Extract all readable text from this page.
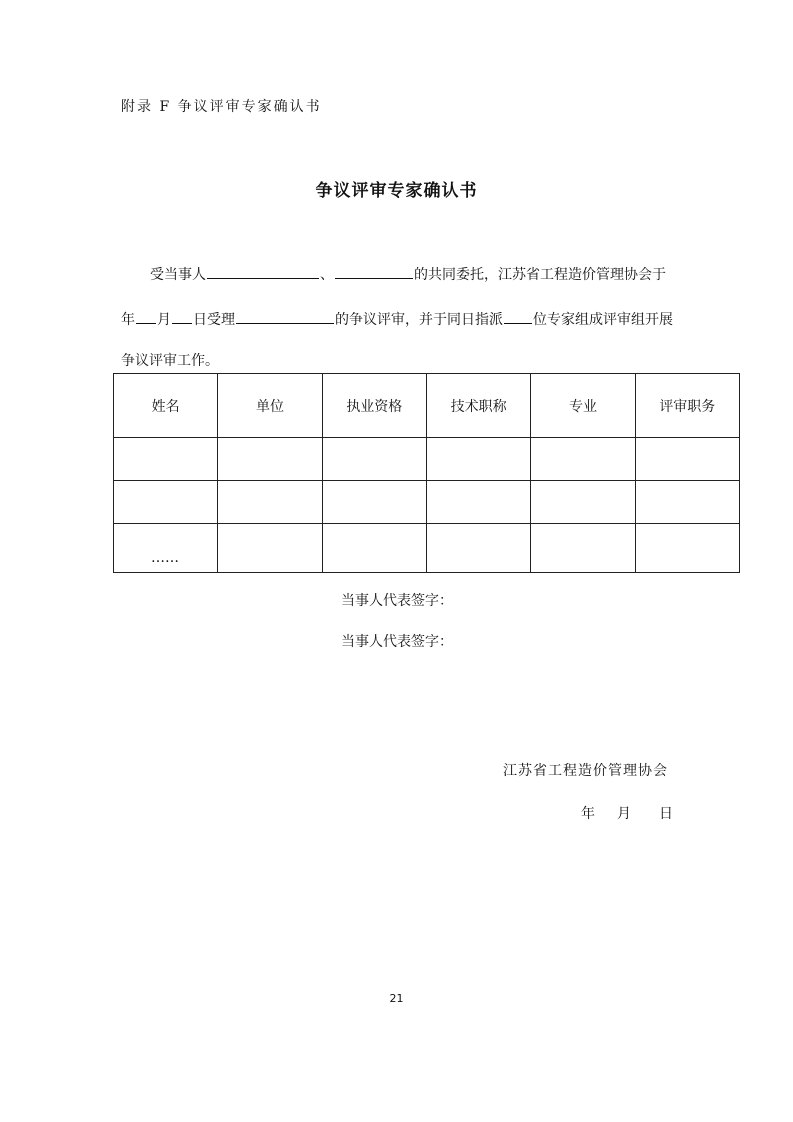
附录 F 争议评审专家确认书
争议评审专家确认书
受当事人	、	的共同委托，江苏省工程造价管理协会于
年 月 日受理	的争议评审，并于同日指派 位专家组成评审组开展
争议评审工作。
姓名	单位	执业资格	技术职称	专业	评审职务

……					
当事人代表签字：
当事人代表签字：
江苏省工程造价管理协会
年 月 日
21
